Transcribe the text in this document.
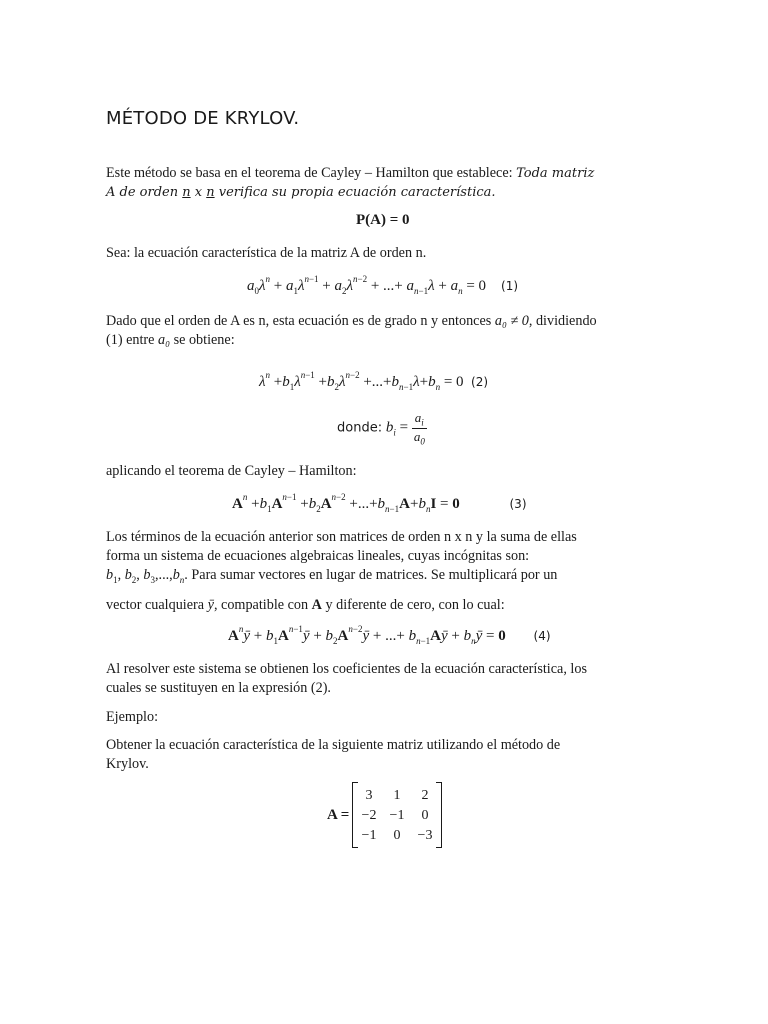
MÉTODO DE KRYLOV.
Este método se basa en el teorema de Cayley – Hamilton que establece: Toda matriz
A de orden n x n verifica su propia ecuación característica.
P(A) = 0
Sea: la ecuación característica de la matriz A de orden n.
$a_0\lambda^n + a_1\lambda^{n-1} + a_2\lambda^{n-2}$ + ...+ $a_{n-1}\lambda + a_n = 0$    (1)
Dado que el orden de A es n, esta ecuación es de grado n y entonces a₀ ≠ 0, dividiendo
(1) entre a₀ se obtiene:
$\lambda^n +b_1\lambda^{n-1} +b_2\lambda^{n-2} +...+b_{n-1}\lambda+b_n = 0$  (2)
donde: $b_i = \frac{a_i}{a_0}$
aplicando el teorema de Cayley – Hamilton:
$A^n +b_1A^{n-1} +b_2A^{n-2} +...+b_{n-1}A+b_nI = 0$	(3)
Los términos de la ecuación anterior son matrices de orden n x n y la suma de ellas
forma un sistema de ecuaciones algebraicas lineales, cuyas incógnitas son:
$b_1$, $b_2$, $b_3,...,b_n$. Para sumar vectores en lugar de matrices. Se multiplicará por un
vector cualquiera ȳ, compatible con A y diferente de cero, con lo cual:
$A^nȳ$ + $b_1A^{n-1}ȳ$ + $b_2A^{n-2}ȳ$ + ...+ $b_{n-1}Aȳ$ + $b_nȳ = 0$ (4)
Al resolver este sistema se obtienen los coeficientes de la ecuación característica, los
cuales se sustituyen en la expresión (2).
Ejemplo:
Obtener la ecuación característica de la siguiente matriz utilizando el método de
Krylov.
A =
3	1	2
−2	−1	0
−1	0	−3
